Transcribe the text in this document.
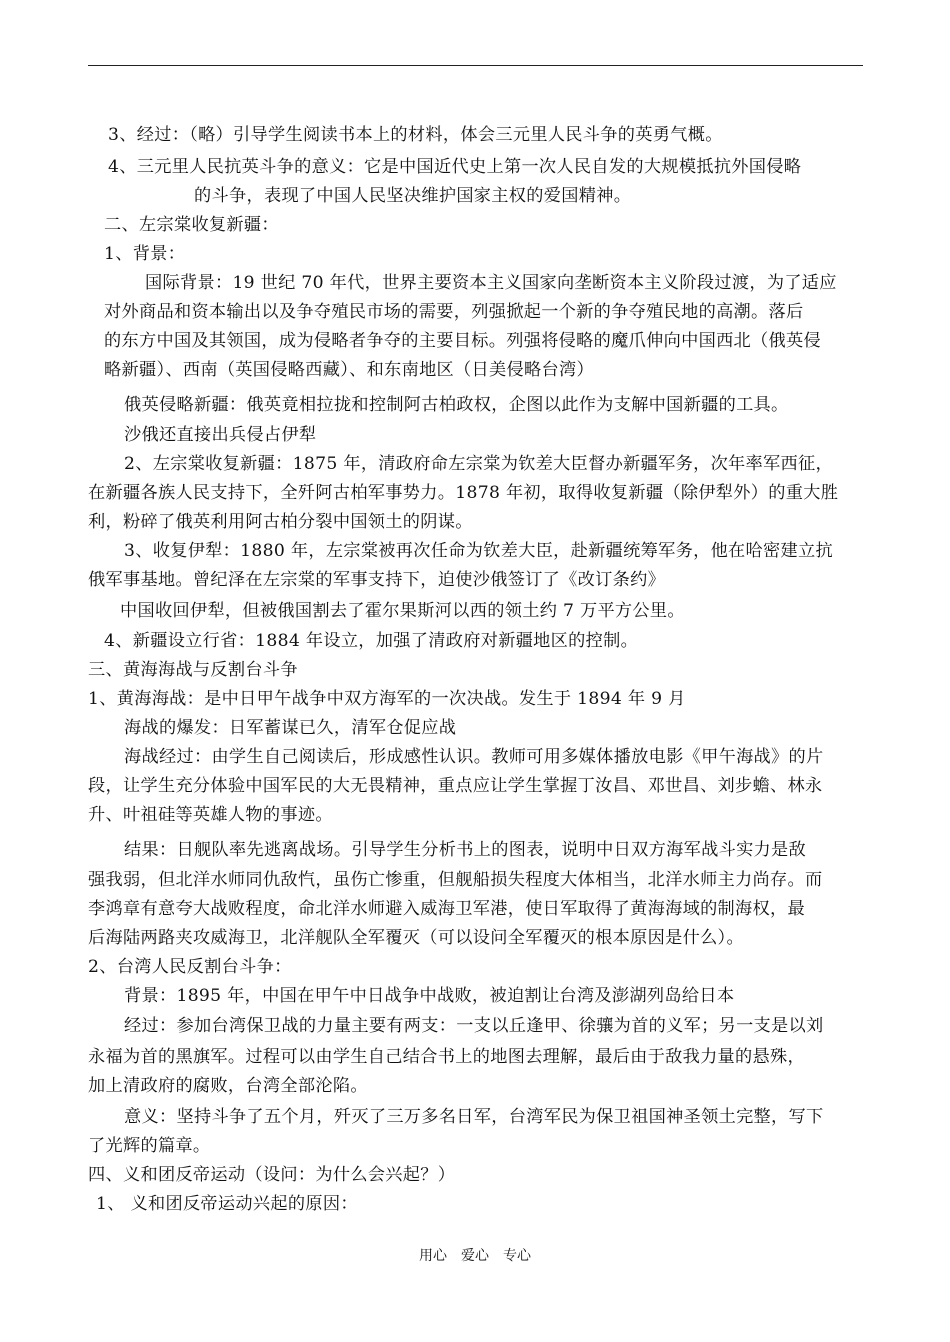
3、经过：（略）引导学生阅读书本上的材料，体会三元里人民斗争的英勇气概。
4、三元里人民抗英斗争的意义：它是中国近代史上第一次人民自发的大规模抵抗外国侵略
的斗争，表现了中国人民坚决维护国家主权的爱国精神。
二、左宗棠收复新疆：
1、背景：
国际背景：19 世纪 70 年代，世界主要资本主义国家向垄断资本主义阶段过渡，为了适应
对外商品和资本输出以及争夺殖民市场的需要，列强掀起一个新的争夺殖民地的高潮。落后
的东方中国及其领国，成为侵略者争夺的主要目标。列强将侵略的魔爪伸向中国西北（俄英侵
略新疆）、西南（英国侵略西藏）、和东南地区（日美侵略台湾）
俄英侵略新疆：俄英竟相拉拢和控制阿古柏政权，企图以此作为支解中国新疆的工具。
沙俄还直接出兵侵占伊犁
2、左宗棠收复新疆：1875 年，清政府命左宗棠为钦差大臣督办新疆军务，次年率军西征，
在新疆各族人民支持下，全歼阿古柏军事势力。1878 年初，取得收复新疆（除伊犁外）的重大胜
利，粉碎了俄英利用阿古柏分裂中国领土的阴谋。
3、收复伊犁：1880 年，左宗棠被再次任命为钦差大臣，赴新疆统筹军务，他在哈密建立抗
俄军事基地。曾纪泽在左宗棠的军事支持下，迫使沙俄签订了《改订条约》
中国收回伊犁，但被俄国割去了霍尔果斯河以西的领土约 7 万平方公里。
4、新疆设立行省：1884 年设立，加强了清政府对新疆地区的控制。
三、黄海海战与反割台斗争
1、黄海海战：是中日甲午战争中双方海军的一次决战。发生于 1894 年 9 月
海战的爆发：日军蓄谋已久，清军仓促应战
海战经过：由学生自己阅读后，形成感性认识。教师可用多媒体播放电影《甲午海战》的片
段，让学生充分体验中国军民的大无畏精神，重点应让学生掌握丁汝昌、邓世昌、刘步蟾、林永
升、叶祖硅等英雄人物的事迹。
结果：日舰队率先逃离战场。引导学生分析书上的图表，说明中日双方海军战斗实力是敌
强我弱，但北洋水师同仇敌忾，虽伤亡惨重，但舰船损失程度大体相当，北洋水师主力尚存。而
李鸿章有意夸大战败程度，命北洋水师避入威海卫军港，使日军取得了黄海海域的制海权，最
后海陆两路夹攻威海卫，北洋舰队全军覆灭（可以设问全军覆灭的根本原因是什么）。
2、台湾人民反割台斗争：
背景：1895 年，中国在甲午中日战争中战败，被迫割让台湾及澎湖列岛给日本
经过：参加台湾保卫战的力量主要有两支：一支以丘逢甲、徐骧为首的义军；另一支是以刘
永福为首的黑旗军。过程可以由学生自己结合书上的地图去理解，最后由于敌我力量的悬殊，
加上清政府的腐败，台湾全部沦陷。
意义：坚持斗争了五个月，歼灭了三万多名日军，台湾军民为保卫祖国神圣领土完整，写下
了光辉的篇章。
四、义和团反帝运动（设问：为什么会兴起？）
1、 义和团反帝运动兴起的原因：
用心　爱心　专心
